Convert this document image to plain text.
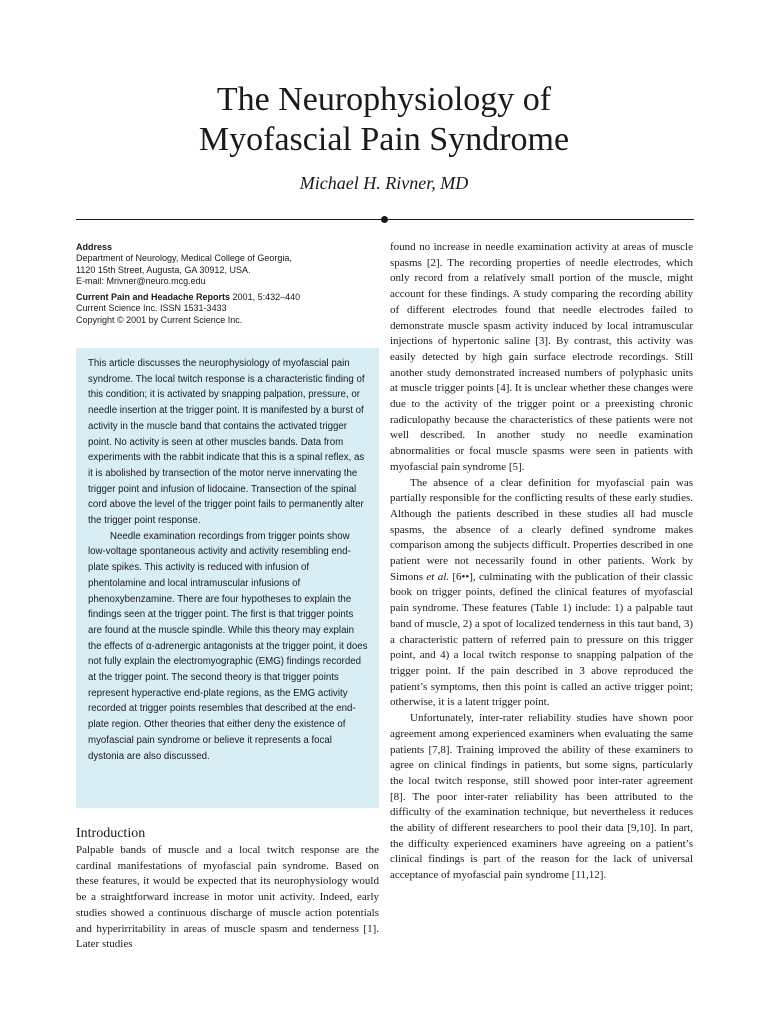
The Neurophysiology of
Myofascial Pain Syndrome
Michael H. Rivner, MD
Address
Department of Neurology, Medical College of Georgia,
1120 15th Street, Augusta, GA 30912, USA.
E-mail: Mrivner@neuro.mcg.edu
Current Pain and Headache Reports 2001, 5:432–440
Current Science Inc. ISSN 1531-3433
Copyright © 2001 by Current Science Inc.

This article discusses the neurophysiology of myofascial pain syndrome. The local twitch response is a characteristic finding of this condition; it is activated by snapping palpation, pressure, or needle insertion at the trigger point. It is manifested by a burst of activity in the muscle band that contains the activated trigger point. No activity is seen at other muscles bands. Data from experiments with the rabbit indicate that this is a spinal reflex, as it is abolished by transection of the motor nerve innervating the trigger point and infusion of lidocaine. Transection of the spinal cord above the level of the trigger point fails to permanently alter the trigger point response.

Needle examination recordings from trigger points show low-voltage spontaneous activity and activity resembling end-plate spikes. This activity is reduced with infusion of phentolamine and local intramuscular infusions of phenoxybenzamine. There are four hypotheses to explain the findings seen at the trigger point. The first is that trigger points are found at the muscle spindle. While this theory may explain the effects of α-adrenergic antagonists at the trigger point, it does not fully explain the electromyographic (EMG) findings recorded at the trigger point. The second theory is that trigger points represent hyperactive end-plate regions, as the EMG activity recorded at trigger points resembles that described at the end-plate region. Other theories that either deny the existence of myofascial pain syndrome or believe it represents a focal dystonia are also discussed.

Introduction
Palpable bands of muscle and a local twitch response are the cardinal manifestations of myofascial pain syndrome. Based on these features, it would be expected that its neurophysiology would be a straightforward increase in motor unit activity. Indeed, early studies showed a continuous discharge of muscle action potentials and hyperirritability in areas of muscle spasm and tenderness [1]. Later studies

found no increase in needle examination activity at areas of muscle spasms [2]. The recording properties of needle electrodes, which only record from a relatively small portion of the muscle, might account for these findings. A study comparing the recording ability of different electrodes found that needle electrodes failed to demonstrate muscle spasm activity induced by local intramuscular injections of hypertonic saline [3]. By contrast, this activity was easily detected by high gain surface electrode recordings. Still another study demonstrated increased numbers of polyphasic units at muscle trigger points [4]. It is unclear whether these changes were due to the activity of the trigger point or a preexisting chronic radiculopathy because the characteristics of these patients were not well described. In another study no needle examination abnormalities or focal muscle spasms were seen in patients with myofascial pain syndrome [5].

The absence of a clear definition for myofascial pain was partially responsible for the conflicting results of these early studies. Although the patients described in these studies all had muscle spasms, the absence of a clearly defined syndrome makes comparison among the subjects difficult. Properties described in one patient were not necessarily found in other patients. Work by Simons et al. [6••], culminating with the publication of their classic book on trigger points, defined the clinical features of myofascial pain syndrome. These features (Table 1) include: 1) a palpable taut band of muscle, 2) a spot of localized tenderness in this taut band, 3) a characteristic pattern of referred pain to pressure on this trigger point, and 4) a local twitch response to snapping palpation of the trigger point. If the pain described in 3 above reproduced the patient’s symptoms, then this point is called an active trigger point; otherwise, it is a latent trigger point.

Unfortunately, inter-rater reliability studies have shown poor agreement among experienced examiners when evaluating the same patients [7,8]. Training improved the ability of these examiners to agree on clinical findings in patients, but some signs, particularly the local twitch response, still showed poor inter-rater agreement [8]. The poor inter-rater reliability has been attributed to the difficulty of the examination technique, but nevertheless it reduces the ability of different researchers to pool their data [9,10]. In part, the difficulty experienced examiners have agreeing on a patient’s clinical findings is part of the reason for the lack of universal acceptance of myofascial pain syndrome [11,12].
